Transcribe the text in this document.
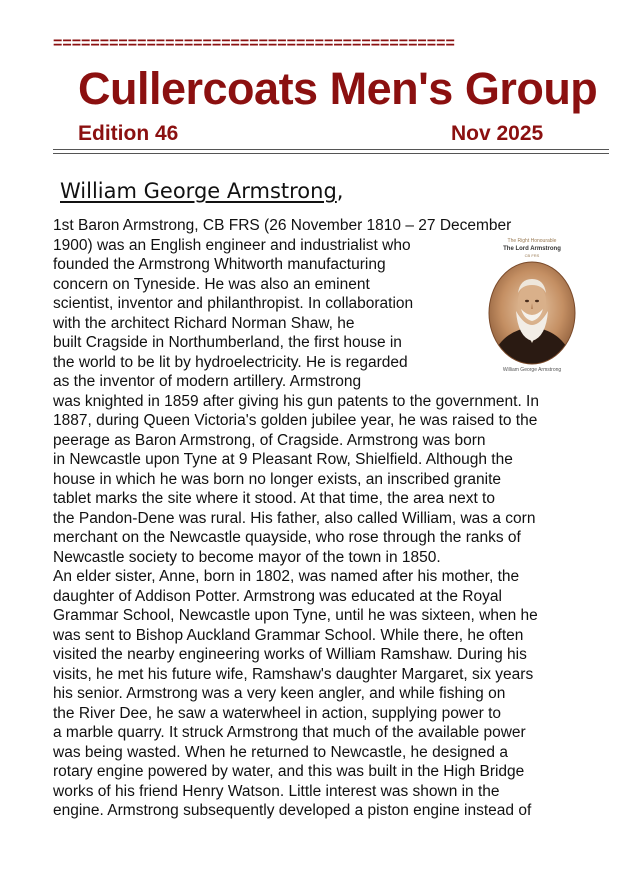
===========================================
Cullercoats Men's Group
Edition 46	Nov 2025
William George Armstrong,
The Right Honourable
The Lord Armstrong
CB FRS
William George Armstrong
1st Baron Armstrong, CB FRS (26 November 1810 – 27 December
1900) was an English engineer and industrialist who
founded the Armstrong Whitworth manufacturing
concern on Tyneside. He was also an eminent
scientist, inventor and philanthropist. In collaboration
with the architect Richard Norman Shaw, he
built Cragside in Northumberland, the first house in
the world to be lit by hydroelectricity. He is regarded
as the inventor of modern artillery. Armstrong
was knighted in 1859 after giving his gun patents to the government. In
1887, during Queen Victoria's golden jubilee year, he was raised to the
peerage as Baron Armstrong, of Cragside. Armstrong was born
in Newcastle upon Tyne at 9 Pleasant Row, Shielfield. Although the
house in which he was born no longer exists, an inscribed granite
tablet marks the site where it stood. At that time, the area next to
the Pandon-Dene was rural. His father, also called William, was a corn
merchant on the Newcastle quayside, who rose through the ranks of
Newcastle society to become mayor of the town in 1850.
An elder sister, Anne, born in 1802, was named after his mother, the
daughter of Addison Potter. Armstrong was educated at the Royal
Grammar School, Newcastle upon Tyne, until he was sixteen, when he
was sent to Bishop Auckland Grammar School. While there, he often
visited the nearby engineering works of William Ramshaw. During his
visits, he met his future wife, Ramshaw's daughter Margaret, six years
his senior. Armstrong was a very keen angler, and while fishing on
the River Dee, he saw a waterwheel in action, supplying power to
a marble quarry. It struck Armstrong that much of the available power
was being wasted. When he returned to Newcastle, he designed a
rotary engine powered by water, and this was built in the High Bridge
works of his friend Henry Watson. Little interest was shown in the
engine. Armstrong subsequently developed a piston engine instead of
